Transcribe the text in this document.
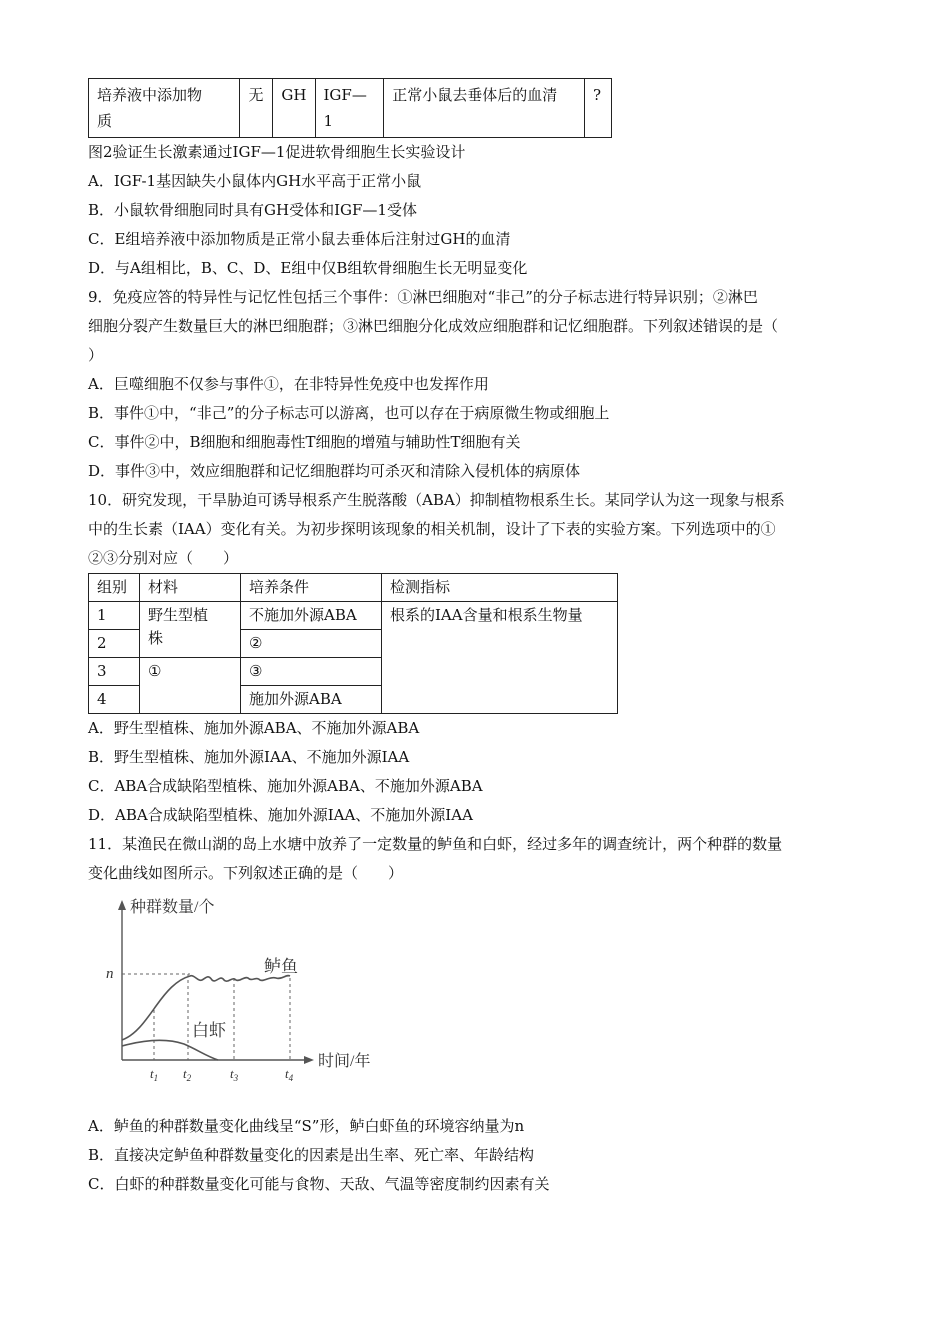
培养液中添加物
质
	无	GH	IGF—1	正常小鼠去垂体后的血清	?
图2验证生长激素通过IGF—1促进软骨细胞生长实验设计
A．IGF-1基因缺失小鼠体内GH水平高于正常小鼠
B．小鼠软骨细胞同时具有GH受体和IGF—1受体
C．E组培养液中添加物质是正常小鼠去垂体后注射过GH的血清
D．与A组相比，B、C、D、E组中仅B组软骨细胞生长无明显变化
9．免疫应答的特异性与记忆性包括三个事件：①淋巴细胞对“非己”的分子标志进行特异识别；②淋巴
细胞分裂产生数量巨大的淋巴细胞群；③淋巴细胞分化成效应细胞群和记忆细胞群。下列叙述错误的是（
）
A．巨噬细胞不仅参与事件①，在非特异性免疫中也发挥作用
B．事件①中，“非己”的分子标志可以游离，也可以存在于病原微生物或细胞上
C．事件②中，B细胞和细胞毒性T细胞的增殖与辅助性T细胞有关
D．事件③中，效应细胞群和记忆细胞群均可杀灭和清除入侵机体的病原体
10．研究发现，干旱胁迫可诱导根系产生脱落酸（ABA）抑制植物根系生长。某同学认为这一现象与根系
中的生长素（IAA）变化有关。为初步探明该现象的相关机制，设计了下表的实验方案。下列选项中的①
②③分别对应（　　）
组别	材料	培养条件	检测指标
1	野生型植
株	不施加外源ABA	根系的IAA含量和根系生物量
2		②	
3	①	③	
4		施加外源ABA	
A．野生型植株、施加外源ABA、不施加外源ABA
B．野生型植株、施加外源IAA、不施加外源IAA
C．ABA合成缺陷型植株、施加外源ABA、不施加外源ABA
D．ABA合成缺陷型植株、施加外源IAA、不施加外源IAA
11．某渔民在微山湖的岛上水塘中放养了一定数量的鲈鱼和白虾，经过多年的调查统计，两个种群的数量
变化曲线如图所示。下列叙述正确的是（　　）
种群数量/个
时间/年
n	鲈鱼
白虾
$t_1$ $t_2$	$t_3$	$t_4$
A．鲈鱼的种群数量变化曲线呈“S”形，鲈白虾鱼的环境容纳量为n
B．直接决定鲈鱼种群数量变化的因素是出生率、死亡率、年龄结构
C．白虾的种群数量变化可能与食物、天敌、气温等密度制约因素有关
